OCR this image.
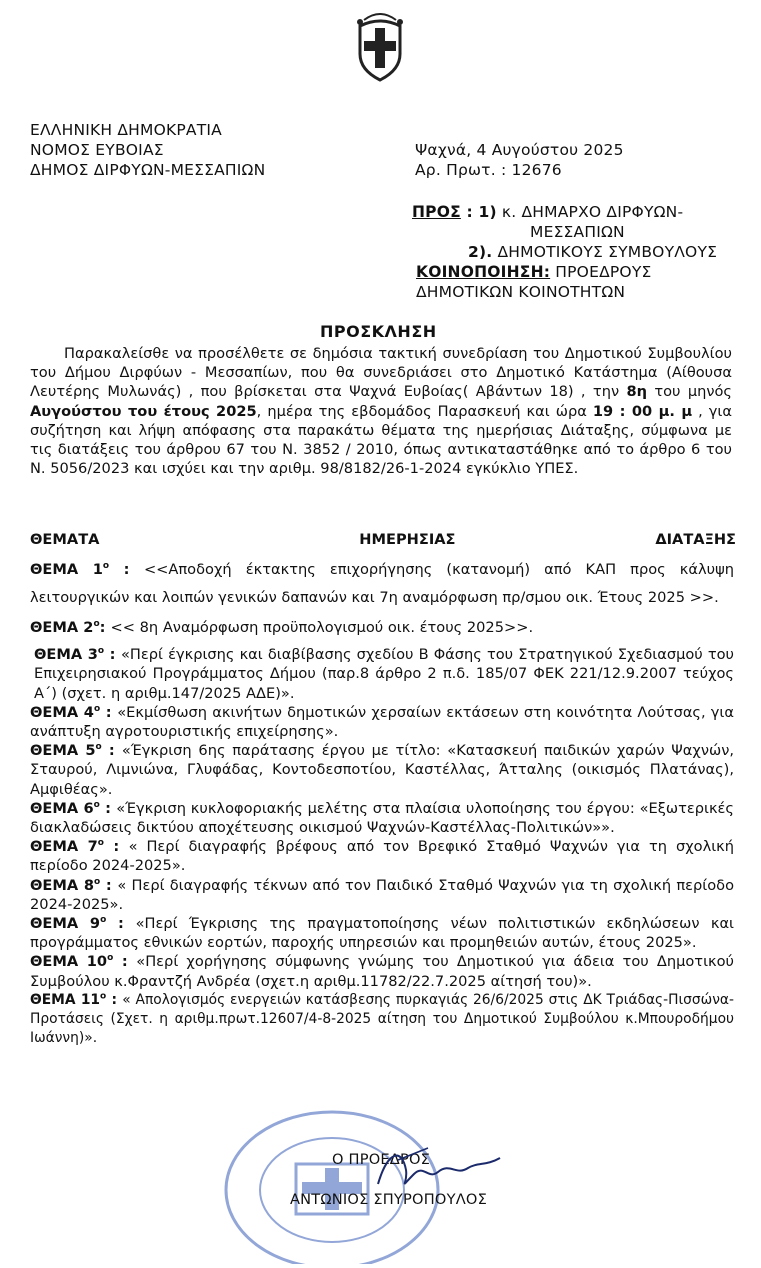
ΕΛΛΗΝΙΚΗ ΔΗΜΟΚΡΑΤΙΑ
ΝΟΜΟΣ ΕΥΒΟΙΑΣ
ΔΗΜΟΣ ΔΙΡΦΥΩΝ-ΜΕΣΣΑΠΙΩΝ
Ψαχνά, 4 Αυγούστου 2025
Αρ. Πρωτ. : 12676
ΠΡΟΣ : 1) κ. ΔΗΜΑΡΧΟ ΔΙΡΦΥΩΝ-
ΜΕΣΣΑΠΙΩΝ
2). ΔΗΜΟΤΙΚΟΥΣ ΣΥΜΒΟΥΛΟΥΣ
ΚΟΙΝΟΠΟΙΗΣΗ: ΠΡΟΕΔΡΟΥΣ
ΔΗΜΟΤΙΚΩΝ ΚΟΙΝΟΤΗΤΩΝ
ΠΡΟΣΚΛΗΣΗ
Παρακαλείσθε να προσέλθετε σε δημόσια τακτική συνεδρίαση του Δημοτικού Συμβουλίου του Δήμου Διρφύων - Μεσσαπίων, που θα συνεδριάσει στο Δημοτικό Κατάστημα (Αίθουσα Λευτέρης Μυλωνάς) , που βρίσκεται στα Ψαχνά Ευβοίας( Αβάντων 18) , την 8η του μηνός Αυγούστου του έτους 2025, ημέρα της εβδομάδος Παρασκευή και ώρα 19 : 00 μ. μ , για συζήτηση και λήψη απόφασης στα παρακάτω θέματα της ημερήσιας Διάταξης, σύμφωνα με τις διατάξεις του άρθρου 67 του Ν. 3852 / 2010, όπως αντικαταστάθηκε από το άρθρο 6 του Ν. 5056/2023 και ισχύει και την αριθμ. 98/8182/26-1-2024 εγκύκλιο ΥΠΕΣ.
ΘΕΜΑΤΑ	ΗΜΕΡΗΣΙΑΣ	ΔΙΑΤΑΞΗΣ
ΘΕΜΑ $1^o$ : <<Αποδοχή έκτακτης επιχορήγησης (κατανομή) από ΚΑΠ προς κάλυψη λειτουργικών και λοιπών γενικών δαπανών και 7η αναμόρφωση πρ/σμου οικ. Έτους 2025 >>.
ΘΕΜΑ $2^o$: << 8η Αναμόρφωση προϋπολογισμού οικ. έτους 2025>>.
ΘΕΜΑ $3^o$ : «Περί έγκρισης και διαβίβασης σχεδίου Β Φάσης του Στρατηγικού Σχεδιασμού του Επιχειρησιακού Προγράμματος Δήμου (παρ.8 άρθρο 2 π.δ. 185/07 ΦΕΚ 221/12.9.2007 τεύχος Α΄) (σχετ. η αριθμ.147/2025 ΑΔΕ)».
ΘΕΜΑ $4^o$ : «Εκμίσθωση ακινήτων δημοτικών χερσαίων εκτάσεων στη κοινότητα Λούτσας, για ανάπτυξη αγροτουριστικής επιχείρησης».
ΘΕΜΑ $5^o$ : «Έγκριση 6ης παράτασης έργου με τίτλο: «Κατασκευή παιδικών χαρών Ψαχνών, Σταυρού, Λιμνιώνα, Γλυφάδας, Κοντοδεσποτίου, Καστέλλας, Άτταλης (οικισμός Πλατάνας), Αμφιθέας».
ΘΕΜΑ $6^o$ : «Έγκριση κυκλοφοριακής μελέτης στα πλαίσια υλοποίησης του έργου: «Εξωτερικές διακλαδώσεις δικτύου αποχέτευσης οικισμού Ψαχνών-Καστέλλας-Πολιτικών»».
ΘΕΜΑ $7^o$ : « Περί διαγραφής βρέφους από τον Βρεφικό Σταθμό Ψαχνών για τη σχολική περίοδο 2024-2025».
ΘΕΜΑ $8^o$ : « Περί διαγραφής τέκνων από τον Παιδικό Σταθμό Ψαχνών για τη σχολική περίοδο 2024-2025».
ΘΕΜΑ $9^o$ : «Περί Έγκρισης της πραγματοποίησης νέων πολιτιστικών εκδηλώσεων και προγράμματος εθνικών εορτών, παροχής υπηρεσιών και προμηθειών αυτών, έτους 2025».
ΘΕΜΑ $10^o$ : «Περί χορήγησης σύμφωνης γνώμης του Δημοτικού για άδεια του Δημοτικού Συμβούλου κ.Φραντζή Ανδρέα (σχετ.η αριθμ.11782/22.7.2025 αίτησή του)».
ΘΕΜΑ $11^o$ : « Απολογισμός ενεργειών κατάσβεσης πυρκαγιάς 26/6/2025 στις ΔΚ Τριάδας-Πισσώνα-Προτάσεις (Σχετ. η αριθμ.πρωτ.12607/4-8-2025 αίτηση του Δημοτικού Συμβούλου κ.Μπουροδήμου Ιωάννη)».
Ο ΠΡΟΕΔΡΟΣ
ΑΝΤΩΝΙΟΣ ΣΠΥΡΟΠΟΥΛΟΣ
